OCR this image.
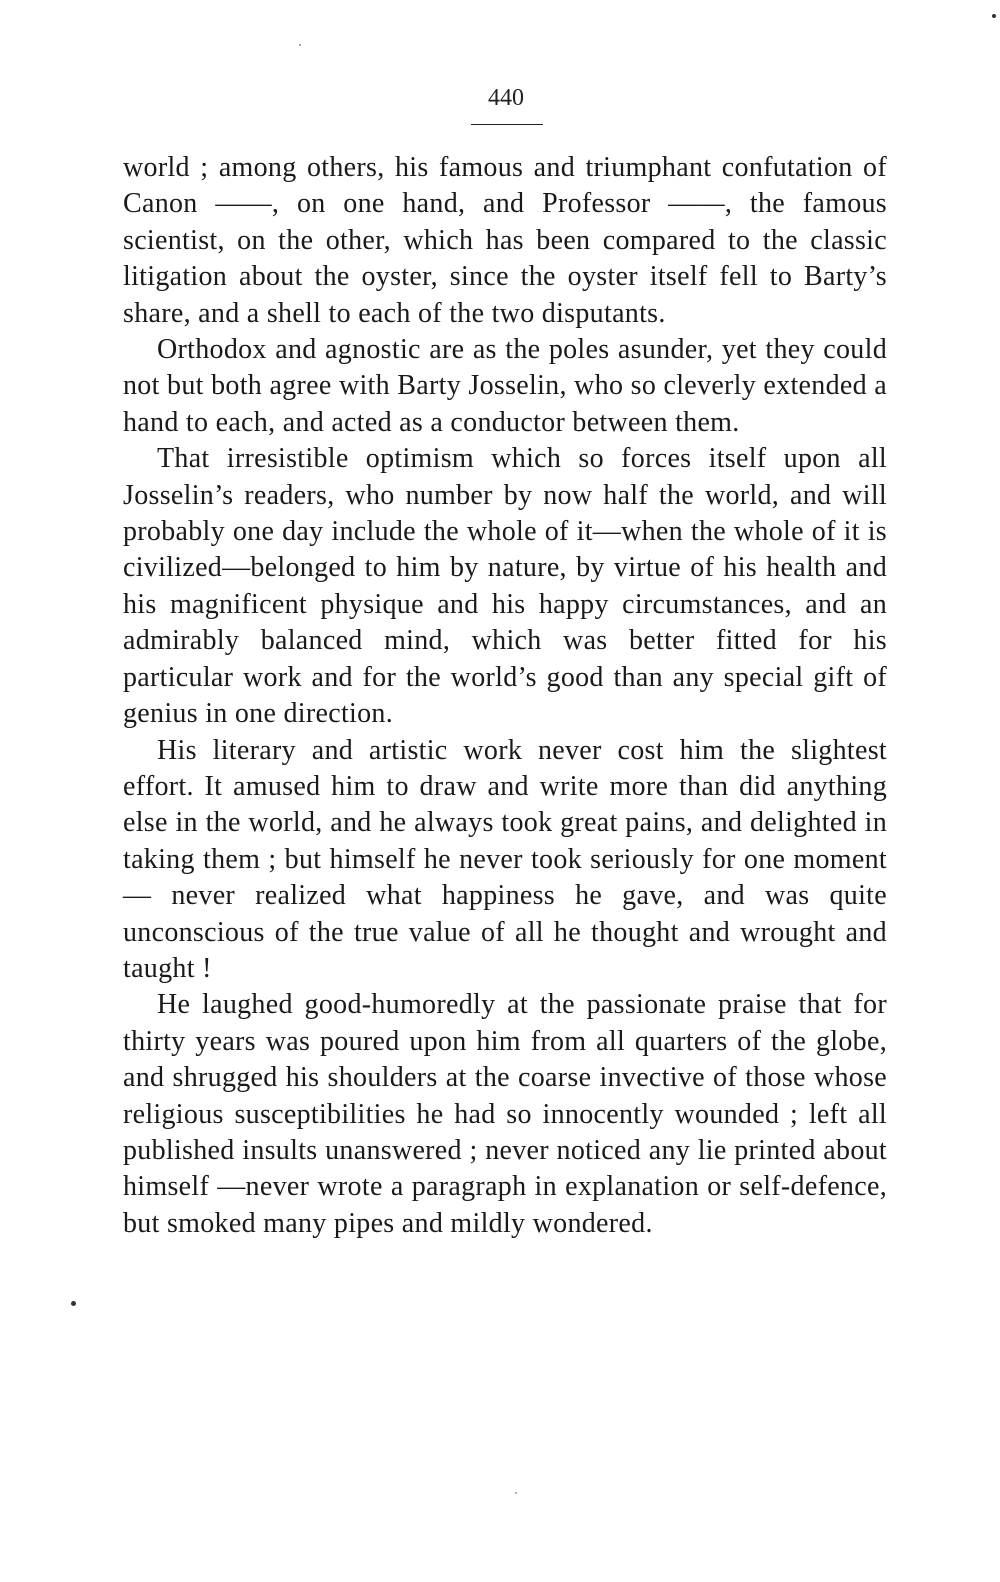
440

world ; among others, his famous and triumphant confutation of Canon ——, on one hand, and Professor ——, the famous scientist, on the other, which has been compared to the classic litigation about the oyster, since the oyster itself fell to Barty’s share, and a shell to each of the two disputants.

Orthodox and agnostic are as the poles asunder, yet they could not but both agree with Barty Josselin, who so cleverly extended a hand to each, and acted as a conductor between them.

That irresistible optimism which so forces itself upon all Josselin’s readers, who number by now half the world, and will probably one day include the whole of it—when the whole of it is civilized—belonged to him by nature, by virtue of his health and his magnificent physique and his happy circumstances, and an admirably balanced mind, which was better fitted for his particular work and for the world’s good than any special gift of genius in one direction.

His literary and artistic work never cost him the slightest effort. It amused him to draw and write more than did anything else in the world, and he always took great pains, and delighted in taking them ; but himself he never took seriously for one moment — never realized what happiness he gave, and was quite unconscious of the true value of all he thought and wrought and taught !

He laughed good-humoredly at the passionate praise that for thirty years was poured upon him from all quarters of the globe, and shrugged his shoulders at the coarse invective of those whose religious susceptibilities he had so innocently wounded ; left all published insults unanswered ; never noticed any lie printed about himself —never wrote a paragraph in explanation or self-defence, but smoked many pipes and mildly wondered.
